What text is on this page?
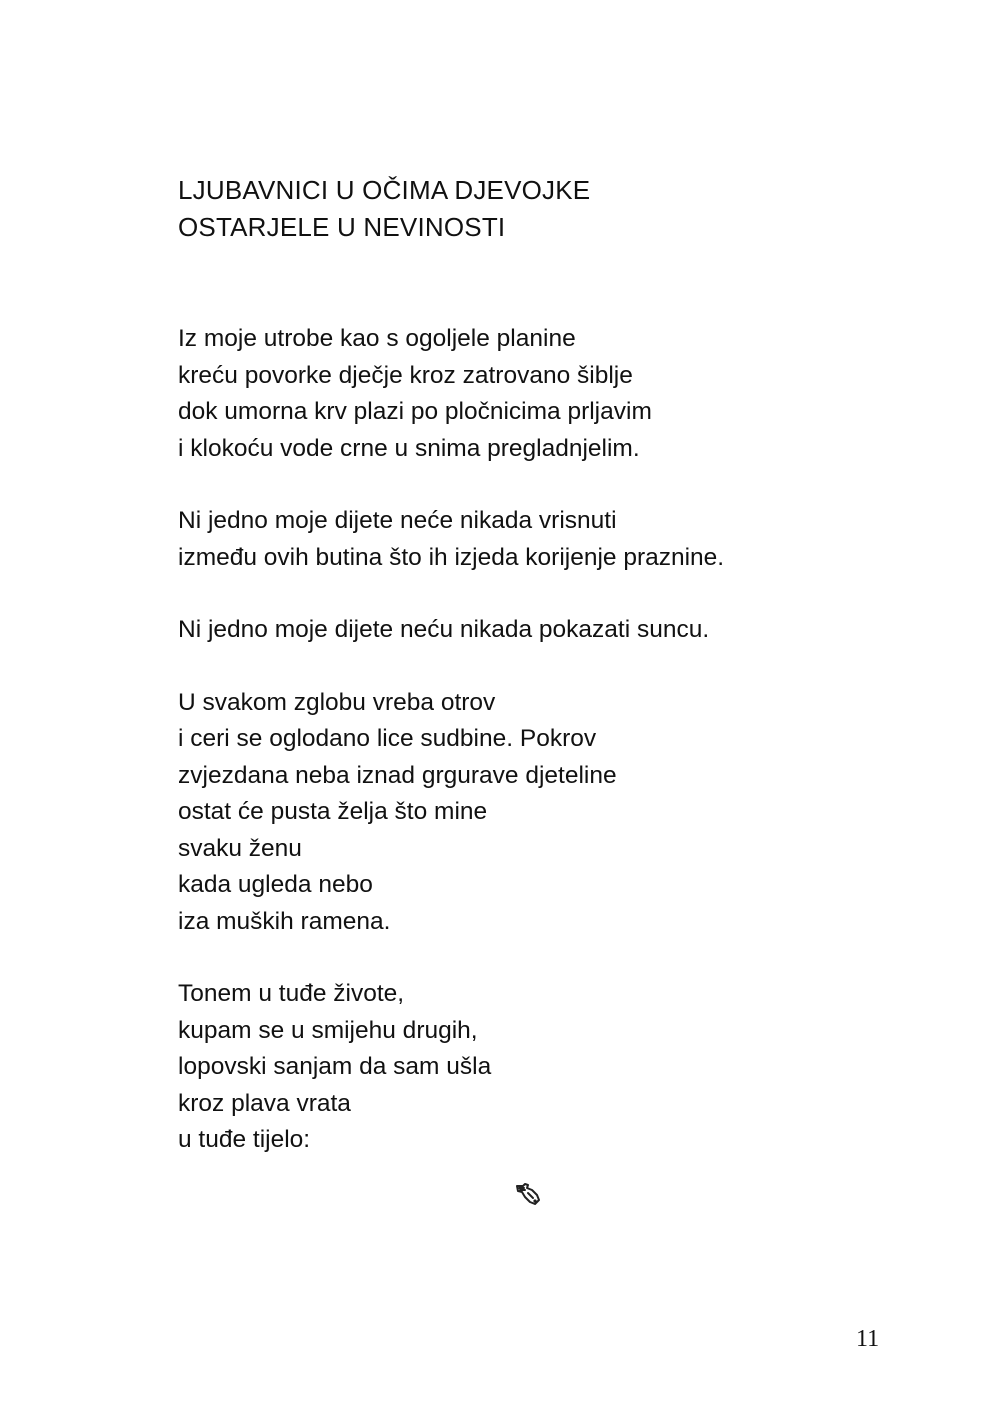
LJUBAVNICI U OČIMA DJEVOJKE
OSTARJELE U NEVINOSTI
Iz moje utrobe kao s ogoljele planine
kreću povorke dječje kroz zatrovano šiblje
dok umorna krv plazi po pločnicima prljavim
i klokoću vode crne u snima pregladnjelim.
Ni jedno moje dijete neće nikada vrisnuti
između ovih butina što ih izjeda korijenje praznine.
Ni jedno moje dijete neću nikada pokazati suncu.
U svakom zglobu vreba otrov
i ceri se oglodano lice sudbine. Pokrov
zvjezdana neba iznad grgurave djeteline
ostat će pusta želja što mine
svaku ženu
kada ugleda nebo
iza muških ramena.
Tonem u tuđe živote,
kupam se u smijehu drugih,
lopovski sanjam da sam ušla
kroz plava vrata
u tuđe tijelo:
11
